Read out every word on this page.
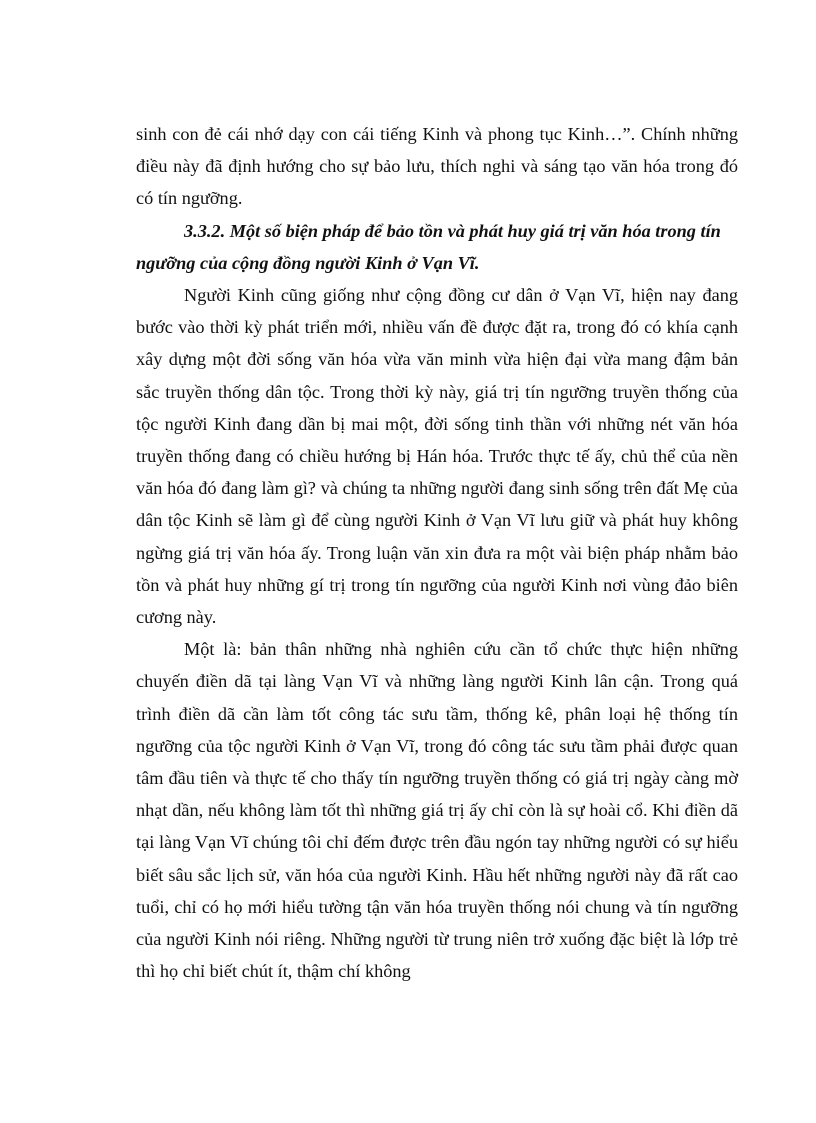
sinh con đẻ cái nhớ dạy con cái tiếng Kinh và phong tục Kinh…”. Chính những điều này đã định hướng cho sự bảo lưu, thích nghi và sáng tạo văn hóa trong đó có tín ngưỡng.

3.3.2. Một số biện pháp để bảo tồn và phát huy giá trị văn hóa trong tín ngưỡng của cộng đồng người Kinh ở Vạn Vĩ.

Người Kinh cũng giống như cộng đồng cư dân ở Vạn Vĩ, hiện nay đang bước vào thời kỳ phát triển mới, nhiều vấn đề được đặt ra, trong đó có khía cạnh xây dựng một đời sống văn hóa vừa văn minh vừa hiện đại vừa mang đậm bản sắc truyền thống dân tộc. Trong thời kỳ này, giá trị tín ngưỡng truyền thống của tộc người Kinh đang dần bị mai một, đời sống tinh thần với những nét văn hóa truyền thống đang có chiều hướng bị Hán hóa. Trước thực tế ấy, chủ thể của nền văn hóa đó đang làm gì? và chúng ta những người đang sinh sống trên đất Mẹ của dân tộc Kinh sẽ làm gì để cùng người Kinh ở Vạn Vĩ lưu giữ và phát huy không ngừng giá trị văn hóa ấy. Trong luận văn xin đưa ra một vài biện pháp nhằm bảo tồn và phát huy những gí trị trong tín ngưỡng của người Kinh nơi vùng đảo biên cương này.

Một là: bản thân những nhà nghiên cứu cần tổ chức thực hiện những chuyến điền dã tại làng Vạn Vĩ và những làng người Kinh lân cận. Trong quá trình điền dã cần làm tốt công tác sưu tầm, thống kê, phân loại hệ thống tín ngưỡng của tộc người Kinh ở Vạn Vĩ, trong đó công tác sưu tầm phải được quan tâm đầu tiên và thực tế cho thấy tín ngưỡng truyền thống có giá trị ngày càng mờ nhạt dần, nếu không làm tốt thì những giá trị ấy chỉ còn là sự hoài cổ. Khi điền dã tại làng Vạn Vĩ chúng tôi chỉ đếm được trên đầu ngón tay những người có sự hiểu biết sâu sắc lịch sử, văn hóa của người Kinh. Hầu hết những người này đã rất cao tuổi, chỉ có họ mới hiểu tường tận văn hóa truyền thống nói chung và tín ngưỡng của người Kinh nói riêng. Những người từ trung niên trở xuống đặc biệt là lớp trẻ thì họ chỉ biết chút ít, thậm chí không
